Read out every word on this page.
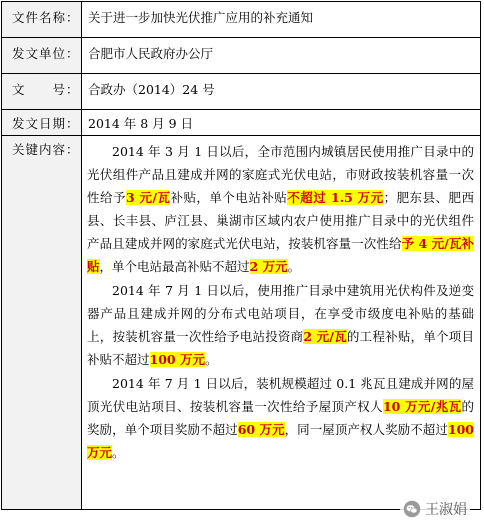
文件名称：	关于进一步加快光伏推广应用的补充通知
发文单位：	合肥市人民政府办公厅
文　　号：	合政办（2014）24 号
发文日期：	2014 年 8 月 9 日
关键内容：	2014 年 3 月 1 日以后，全市范围内城镇居民使用推广目录中的光伏组件产品且建成并网的家庭式光伏电站，市财政按装机容量一次性给予3 元/瓦补贴，单个电站补贴不超过 1.5 万元；肥东县、肥西县、长丰县、庐江县、巢湖市区域内农户使用推广目录中的光伏组件产品且建成并网的家庭式光伏电站，按装机容量一次性给予 4 元/瓦补贴，单个电站最高补贴不超过2 万元。

2014 年 7 月 1 日以后，使用推广目录中建筑用光伏构件及逆变器产品且建成并网的分布式电站项目，在享受市级度电补贴的基础上，按装机容量一次性给予电站投资商2 元/瓦的工程补贴，单个项目补贴不超过100 万元。

2014 年 7 月 1 日以后，装机规模超过 0.1 兆瓦且建成并网的屋顶光伏电站项目、按装机容量一次性给予屋顶产权人10 万元/兆瓦的奖励，单个项目奖励不超过60 万元，同一屋顶产权人奖励不超过100 万元。

王淑娟
